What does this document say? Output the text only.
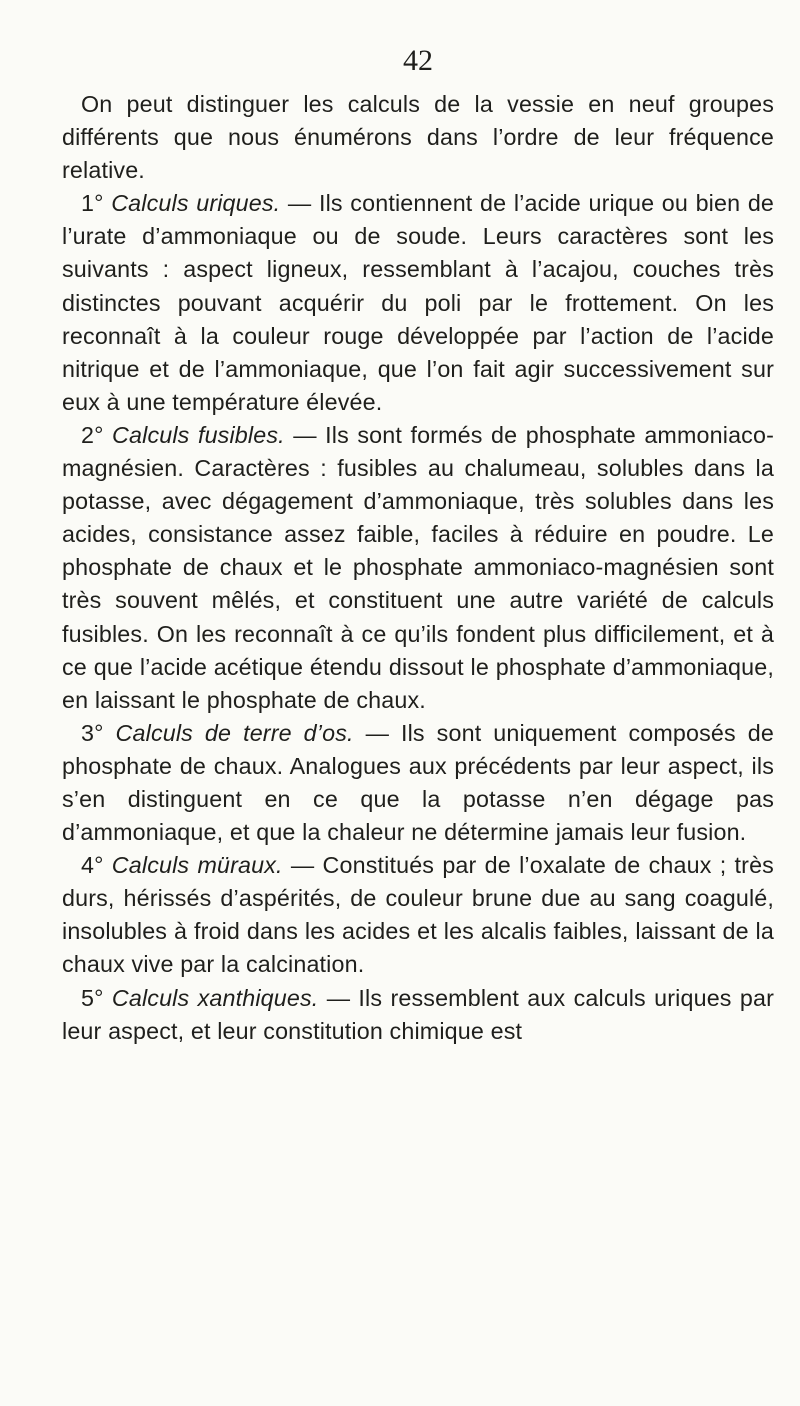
42

On peut distinguer les calculs de la vessie en neuf groupes différents que nous énumérons dans l’ordre de leur fréquence relative.

1° Calculs uriques. — Ils contiennent de l’acide urique ou bien de l’urate d’ammoniaque ou de soude. Leurs caractères sont les suivants : aspect ligneux, ressemblant à l’acajou, couches très distinctes pouvant acquérir du poli par le frottement. On les reconnaît à la couleur rouge développée par l’action de l’acide nitrique et de l’ammoniaque, que l’on fait agir successivement sur eux à une température élevée.

2° Calculs fusibles. — Ils sont formés de phosphate ammoniaco-magnésien. Caractères : fusibles au chalumeau, solubles dans la potasse, avec dégagement d’ammoniaque, très solubles dans les acides, consistance assez faible, faciles à réduire en poudre. Le phosphate de chaux et le phosphate ammoniaco-magnésien sont très souvent mêlés, et constituent une autre variété de calculs fusibles. On les reconnaît à ce qu’ils fondent plus difficilement, et à ce que l’acide acétique étendu dissout le phosphate d’ammoniaque, en laissant le phosphate de chaux.

3° Calculs de terre d’os. — Ils sont uniquement composés de phosphate de chaux. Analogues aux précédents par leur aspect, ils s’en distinguent en ce que la potasse n’en dégage pas d’ammoniaque, et que la chaleur ne détermine jamais leur fusion.

4° Calculs müraux. — Constitués par de l’oxalate de chaux ; très durs, hérissés d’aspérités, de couleur brune due au sang coagulé, insolubles à froid dans les acides et les alcalis faibles, laissant de la chaux vive par la calcination.

5° Calculs xanthiques. — Ils ressemblent aux calculs uriques par leur aspect, et leur constitution chimique est
